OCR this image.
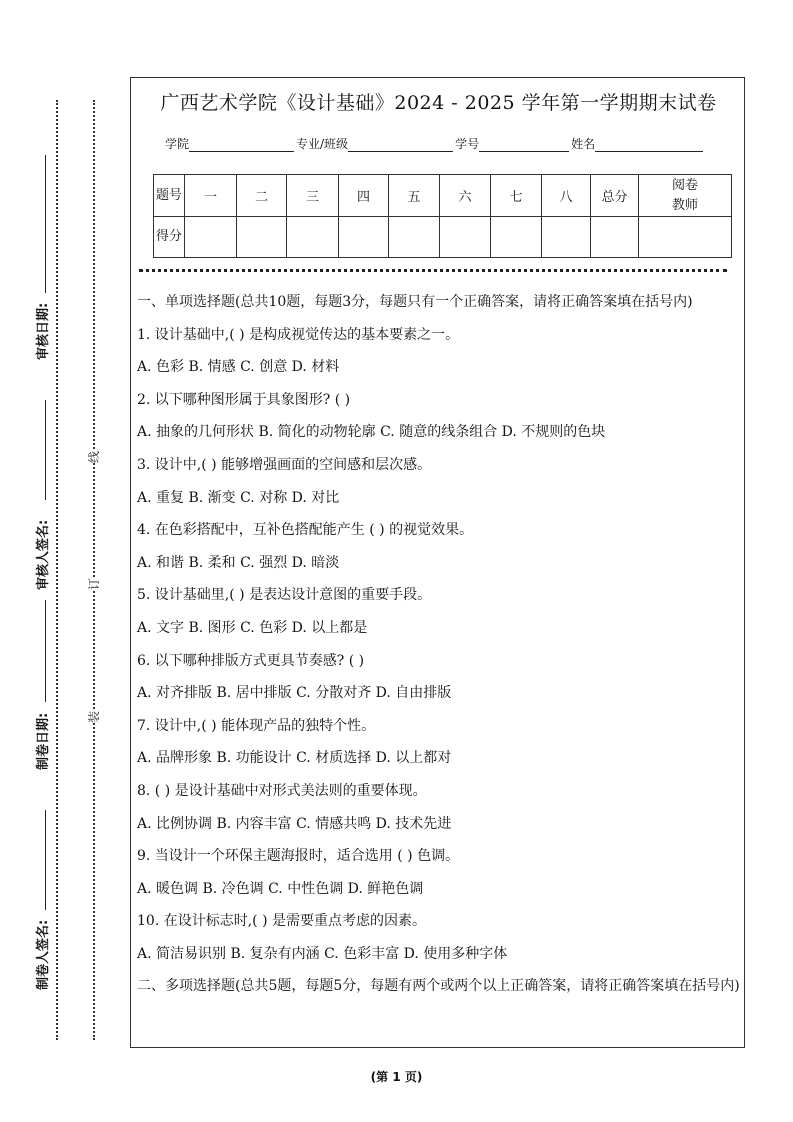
审核日期:
审核人签名:
制卷日期:
制卷人签名:
线
订
装
广西艺术学院《设计基础》2024 - 2025 学年第一学期期末试卷
学院	专业/班级	学号	姓名
题号	一	二	三	四	五	六	七	八	总分	阅卷教师
得分										

一、单项选择题(总共10题，每题3分，每题只有一个正确答案，请将正确答案填在括号内)

1. 设计基础中,( ) 是构成视觉传达的基本要素之一。

A. 色彩 B. 情感 C. 创意 D. 材料

2. 以下哪种图形属于具象图形? ( )

A. 抽象的几何形状 B. 简化的动物轮廓 C. 随意的线条组合 D. 不规则的色块

3. 设计中,( ) 能够增强画面的空间感和层次感。

A. 重复 B. 渐变 C. 对称 D. 对比

4. 在色彩搭配中，互补色搭配能产生 ( ) 的视觉效果。

A. 和谐 B. 柔和 C. 强烈 D. 暗淡

5. 设计基础里,( ) 是表达设计意图的重要手段。

A. 文字 B. 图形 C. 色彩 D. 以上都是

6. 以下哪种排版方式更具节奏感? ( )

A. 对齐排版 B. 居中排版 C. 分散对齐 D. 自由排版

7. 设计中,( ) 能体现产品的独特个性。

A. 品牌形象 B. 功能设计 C. 材质选择 D. 以上都对

8. ( ) 是设计基础中对形式美法则的重要体现。

A. 比例协调 B. 内容丰富 C. 情感共鸣 D. 技术先进

9. 当设计一个环保主题海报时，适合选用 ( ) 色调。

A. 暖色调 B. 冷色调 C. 中性色调 D. 鲜艳色调

10. 在设计标志时,( ) 是需要重点考虑的因素。

A. 简洁易识别 B. 复杂有内涵 C. 色彩丰富 D. 使用多种字体

二、多项选择题(总共5题，每题5分，每题有两个或两个以上正确答案，请将正确答案填在括号内)

(第 1 页)
